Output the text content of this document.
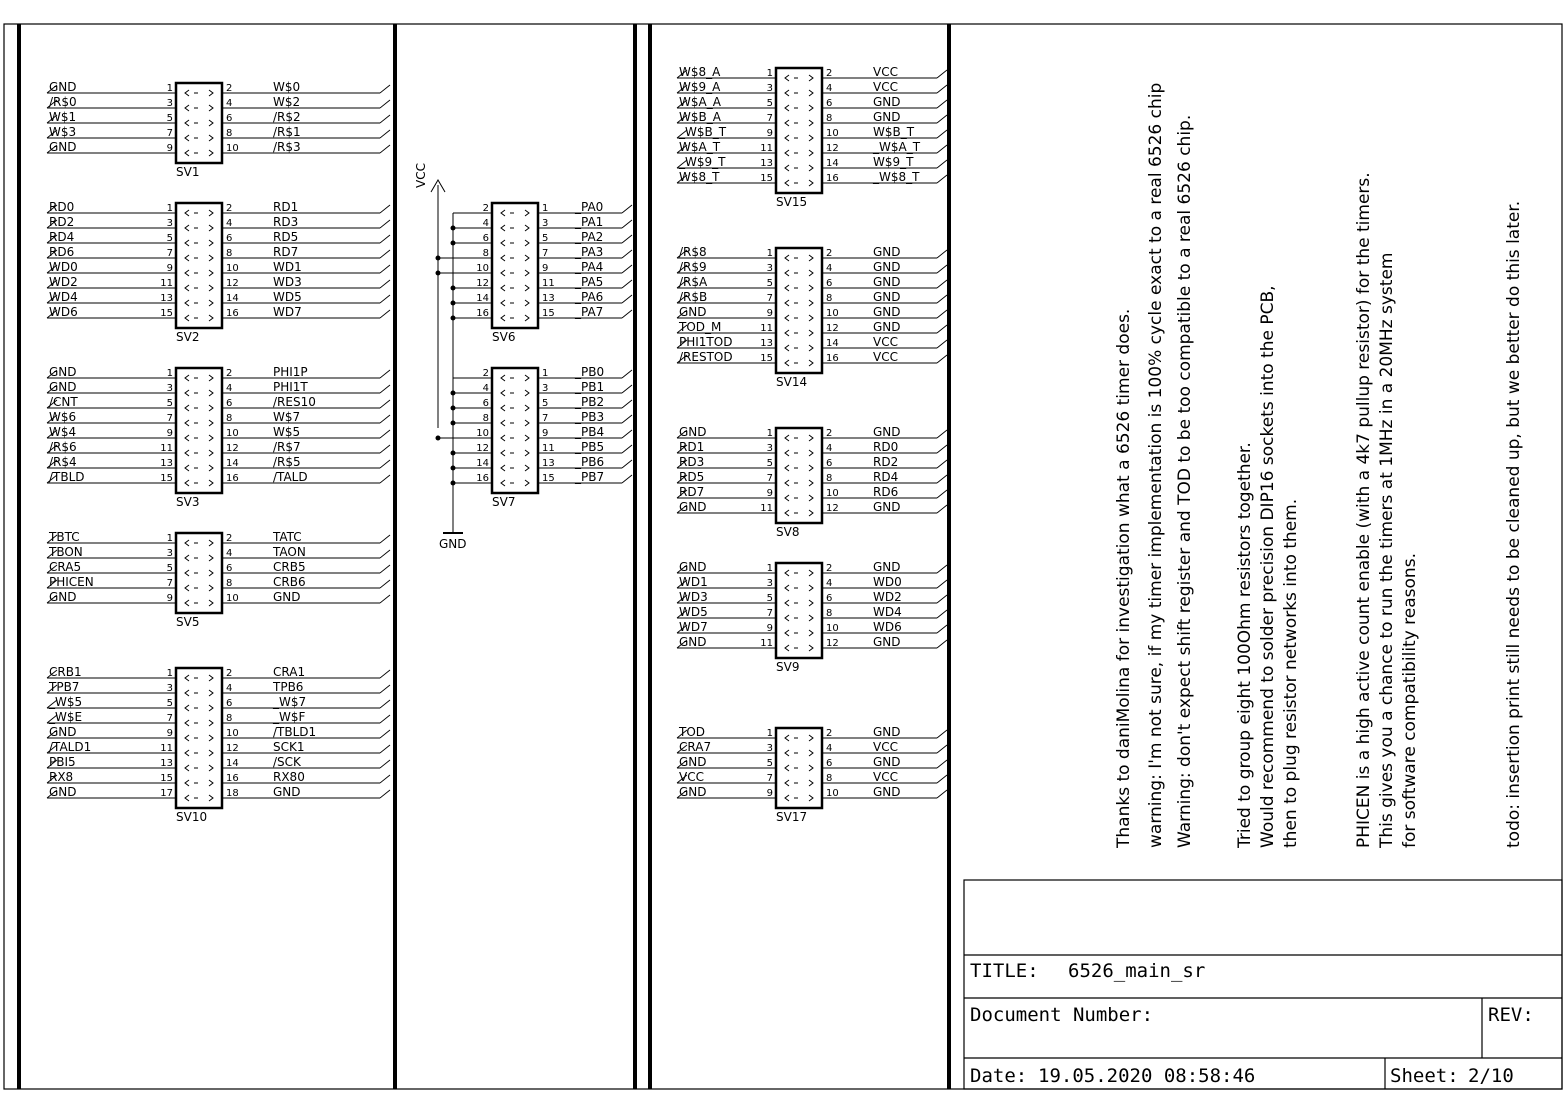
SV1
1	2
GND	W$0
3	4
/R$0	W$2
5	6
W$1	/R$2
7	8
W$3	/R$1
9	10
GND	/R$3
SV2
1	2
RD0	RD1
3	4
RD2	RD3
5	6
RD4	RD5
7	8
RD6	RD7
9	10
WD0	WD1
11	12
WD2	WD3
13	14
WD4	WD5
15	16
WD6	WD7
SV3
1	2
GND	PHI1P
3	4
GND	PHI1T
5	6
/CNT	/RES10
7	8
W$6	W$7
9	10
W$4	W$5
11	12
/R$6	/R$7
13	14
/R$4	/R$5
15	16
/TBLD	/TALD
SV5
1	2
TBTC	TATC
3	4
TBON	TAON
5	6
CRA5	CRB5
7	8
PHICEN	CRB6
9	10
GND	GND
SV10
1	2
CRB1	CRA1
3	4
TPB7	TPB6
5	6
_W$5	_W$7
7	8
_W$E	_W$F
9	10
GND	/TBLD1
11	12
/TALD1	SCK1
13	14
PBI5	/SCK
15	16
RX8	RX80
17	18
GND	GND
SV6
2	1 _PA0
4	3 _PA1
6	5 _PA2
8	7 _PA3
10	9 _PA4
12	11 _PA5
14	13 _PA6
16	15 _PA7
SV7
2	1 _PB0
4	3 _PB1
6	5 _PB2
8	7 _PB3
10	9 _PB4
12	11 _PB5
14	13 _PB6
16	15 _PB7
SV15
1	2
W$8_A	VCC
3	4
W$9_A	VCC
5	6
W$A_A	GND
7	8
W$B_A	GND
9	10
_W$B_T	W$B_T
11	12
W$A_T	_W$A_T
13	14
_W$9_T	W$9_T
15	16
W$8_T	_W$8_T
SV14
1	2
/R$8	GND
3	4
/R$9	GND
5	6
/R$A	GND
7	8
/R$B	GND
9	10
GND	GND
11	12
TOD_M	GND
13	14
PHI1TOD	VCC
15	16
/RESTOD	VCC
SV8
1	2
GND	GND
3	4
RD1	RD0
5	6
RD3	RD2
7	8
RD5	RD4
9	10
RD7	RD6
11	12
GND	GND
SV9
1	2
GND	GND
3	4
WD1	WD0
5	6
WD3	WD2
7	8
WD5	WD4
9	10
WD7	WD6
11	12
GND	GND
SV17
1	2
TOD	GND
3	4
CRA7	VCC
5	6
GND	GND
7	8
VCC	VCC
9	10
GND	GND
VCC
GND	Thanks to daniMolina for investigation what a 6526 timer does. warning: I'm not sure, if my timer implementation is 100% cycle exact to a real 6526 chip Warning: don't expect shift register and TOD to be too compatible to a real 6526 chip. Tried to group eight 100Ohm resistors together. Would recommend to solder precision DIP16 sockets into the PCB, then to plug resistor networks into them.	PHICEN is a high active count enable (with a 4k7 pullup resistor) for the timers. This gives you a chance to run the timers at 1MHz in a 20MHz system for software compatibility reasons.	todo: insertion print still needs to be cleaned up, but we better do this later.
TITLE: 6526_main_sr
Document Number:	REV:
Date: 19.05.2020 08:58:46	Sheet: 2/10
